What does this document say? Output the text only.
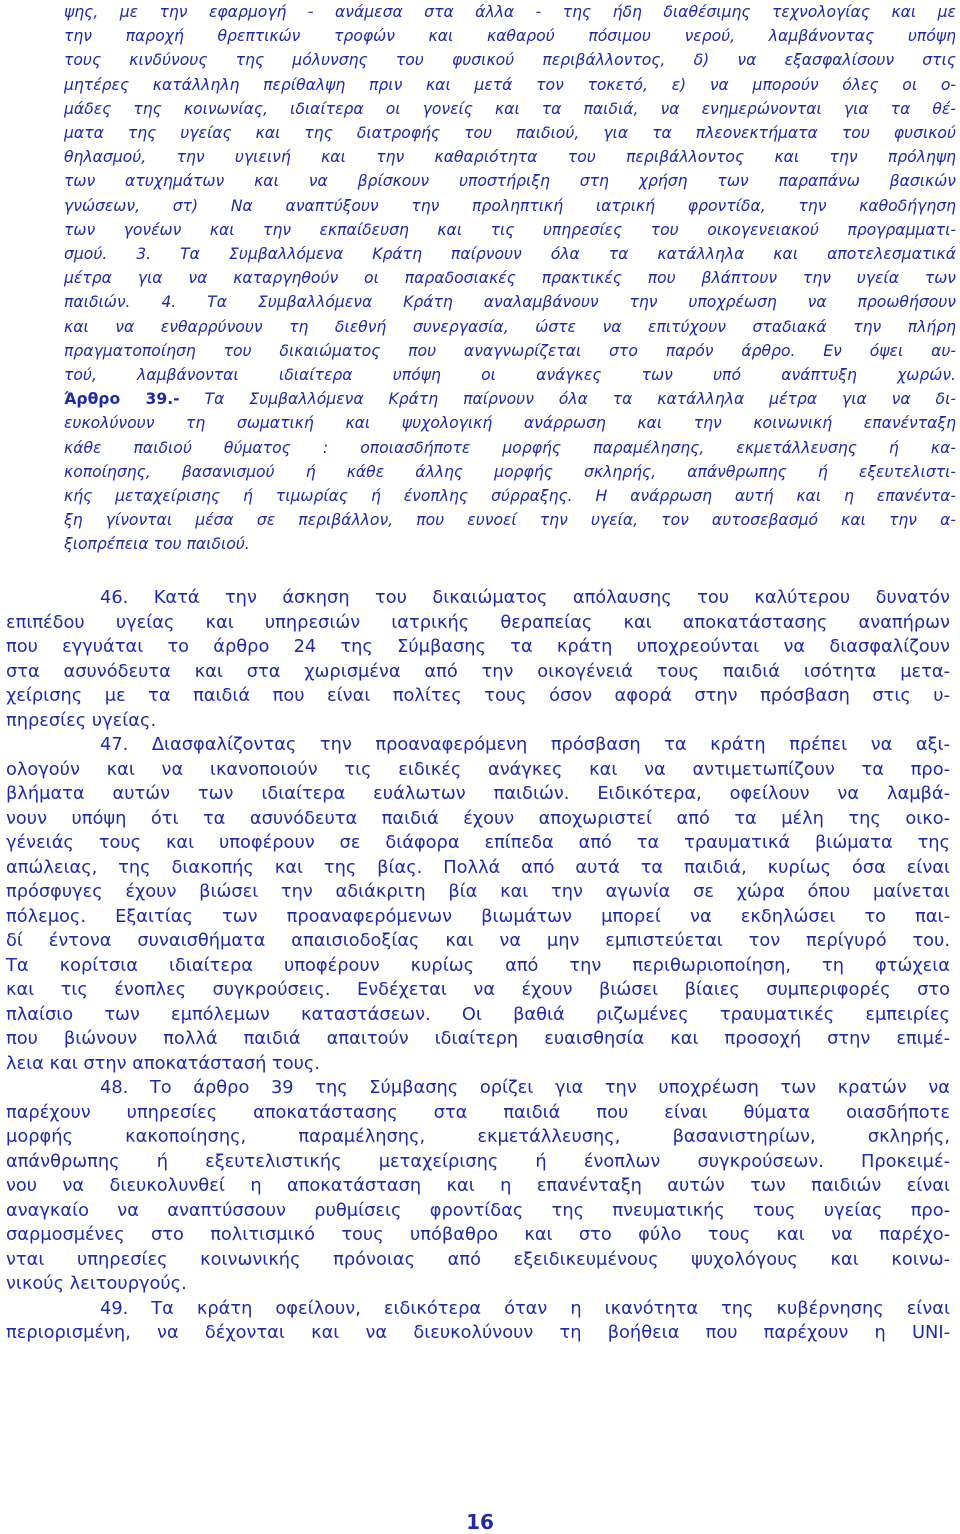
ψης, με την εφαρμογή - ανάμεσα στα άλλα - της ήδη διαθέσιμης τεχνολογίας και με
την παροχή θρεπτικών τροφών και καθαρού πόσιμου νερού, λαμβάνοντας υπόψη
τους κινδύνους της μόλυνσης του φυσικού περιβάλλοντος, δ) να εξασφαλίσουν στις
μητέρες κατάλληλη περίθαλψη πριν και μετά τον τοκετό, ε) να μπορούν όλες οι ο-
μάδες της κοινωνίας, ιδιαίτερα οι γονείς και τα παιδιά, να ενημερώνονται για τα θέ-
ματα της υγείας και της διατροφής του παιδιού, για τα πλεονεκτήματα του φυσικού
θηλασμού, την υγιεινή και την καθαριότητα του περιβάλλοντος και την πρόληψη
των ατυχημάτων και να βρίσκουν υποστήριξη στη χρήση των παραπάνω βασικών
γνώσεων, στ) Να αναπτύξουν την προληπτική ιατρική φροντίδα, την καθοδήγηση
των γονέων και την εκπαίδευση και τις υπηρεσίες του οικογενειακού προγραμματι-
σμού. 3. Τα Συμβαλλόμενα Κράτη παίρνουν όλα τα κατάλληλα και αποτελεσματικά
μέτρα για να καταργηθούν οι παραδοσιακές πρακτικές που βλάπτουν την υγεία των
παιδιών. 4. Τα Συμβαλλόμενα Κράτη αναλαμβάνουν την υποχρέωση να προωθήσουν
και να ενθαρρύνουν τη διεθνή συνεργασία, ώστε να επιτύχουν σταδιακά την πλήρη
πραγματοποίηση του δικαιώματος που αναγνωρίζεται στο παρόν άρθρο. Εν όψει αυ-
τού, λαμβάνονται ιδιαίτερα υπόψη οι ανάγκες των υπό ανάπτυξη χωρών.
Άρθρο 39.- Τα Συμβαλλόμενα Κράτη παίρνουν όλα τα κατάλληλα μέτρα για να δι-
ευκολύνουν τη σωματική και ψυχολογική ανάρρωση και την κοινωνική επανένταξη
κάθε παιδιού θύματος : οποιασδήποτε μορφής παραμέλησης, εκμετάλλευσης ή κα-
κοποίησης, βασανισμού ή κάθε άλλης μορφής σκληρής, απάνθρωπης ή εξευτελιστι-
κής μεταχείρισης ή τιμωρίας ή ένοπλης σύρραξης. Η ανάρρωση αυτή και η επανέντα-
ξη γίνονται μέσα σε περιβάλλον, που ευνοεί την υγεία, τον αυτοσεβασμό και την α-
ξιοπρέπεια του παιδιού.
46. Κατά την άσκηση του δικαιώματος απόλαυσης του καλύτερου δυνατόν
επιπέδου υγείας και υπηρεσιών ιατρικής θεραπείας και αποκατάστασης αναπήρων
που εγγυάται το άρθρο 24 της Σύμβασης τα κράτη υποχρεούνται να διασφαλίζουν
στα ασυνόδευτα και στα χωρισμένα από την οικογένειά τους παιδιά ισότητα μετα-
χείρισης με τα παιδιά που είναι πολίτες τους όσον αφορά στην πρόσβαση στις υ-
πηρεσίες υγείας.
47. Διασφαλίζοντας την προαναφερόμενη πρόσβαση τα κράτη πρέπει να αξι-
ολογούν και να ικανοποιούν τις ειδικές ανάγκες και να αντιμετωπίζουν τα προ-
βλήματα αυτών των ιδιαίτερα ευάλωτων παιδιών. Ειδικότερα, οφείλουν να λαμβά-
νουν υπόψη ότι τα ασυνόδευτα παιδιά έχουν αποχωριστεί από τα μέλη της οικο-
γένειάς τους και υποφέρουν σε διάφορα επίπεδα από τα τραυματικά βιώματα της
απώλειας, της διακοπής και της βίας. Πολλά από αυτά τα παιδιά, κυρίως όσα είναι
πρόσφυγες έχουν βιώσει την αδιάκριτη βία και την αγωνία σε χώρα όπου μαίνεται
πόλεμος. Εξαιτίας των προαναφερόμενων βιωμάτων μπορεί να εκδηλώσει το παι-
δί έντονα συναισθήματα απαισιοδοξίας και να μην εμπιστεύεται τον περίγυρό του.
Τα κορίτσια ιδιαίτερα υποφέρουν κυρίως από την περιθωριοποίηση, τη φτώχεια
και τις ένοπλες συγκρούσεις. Ενδέχεται να έχουν βιώσει βίαιες συμπεριφορές στο
πλαίσιο των εμπόλεμων καταστάσεων. Οι βαθιά ριζωμένες τραυματικές εμπειρίες
που βιώνουν πολλά παιδιά απαιτούν ιδιαίτερη ευαισθησία και προσοχή στην επιμέ-
λεια και στην αποκατάστασή τους.
48. Το άρθρο 39 της Σύμβασης ορίζει για την υποχρέωση των κρατών να
παρέχουν υπηρεσίες αποκατάστασης στα παιδιά που είναι θύματα οιασδήποτε
μορφής κακοποίησης, παραμέλησης, εκμετάλλευσης, βασανιστηρίων, σκληρής,
απάνθρωπης ή εξευτελιστικής μεταχείρισης ή ένοπλων συγκρούσεων. Προκειμέ-
νου να διευκολυνθεί η αποκατάσταση και η επανένταξη αυτών των παιδιών είναι
αναγκαίο να αναπτύσσουν ρυθμίσεις φροντίδας της πνευματικής τους υγείας προ-
σαρμοσμένες στο πολιτισμικό τους υπόβαθρο και στο φύλο τους και να παρέχο-
νται υπηρεσίες κοινωνικής πρόνοιας από εξειδικευμένους ψυχολόγους και κοινω-
νικούς λειτουργούς.
49. Τα κράτη οφείλουν, ειδικότερα όταν η ικανότητα της κυβέρνησης είναι
περιορισμένη, να δέχονται και να διευκολύνουν τη βοήθεια που παρέχουν η UNI-
16
